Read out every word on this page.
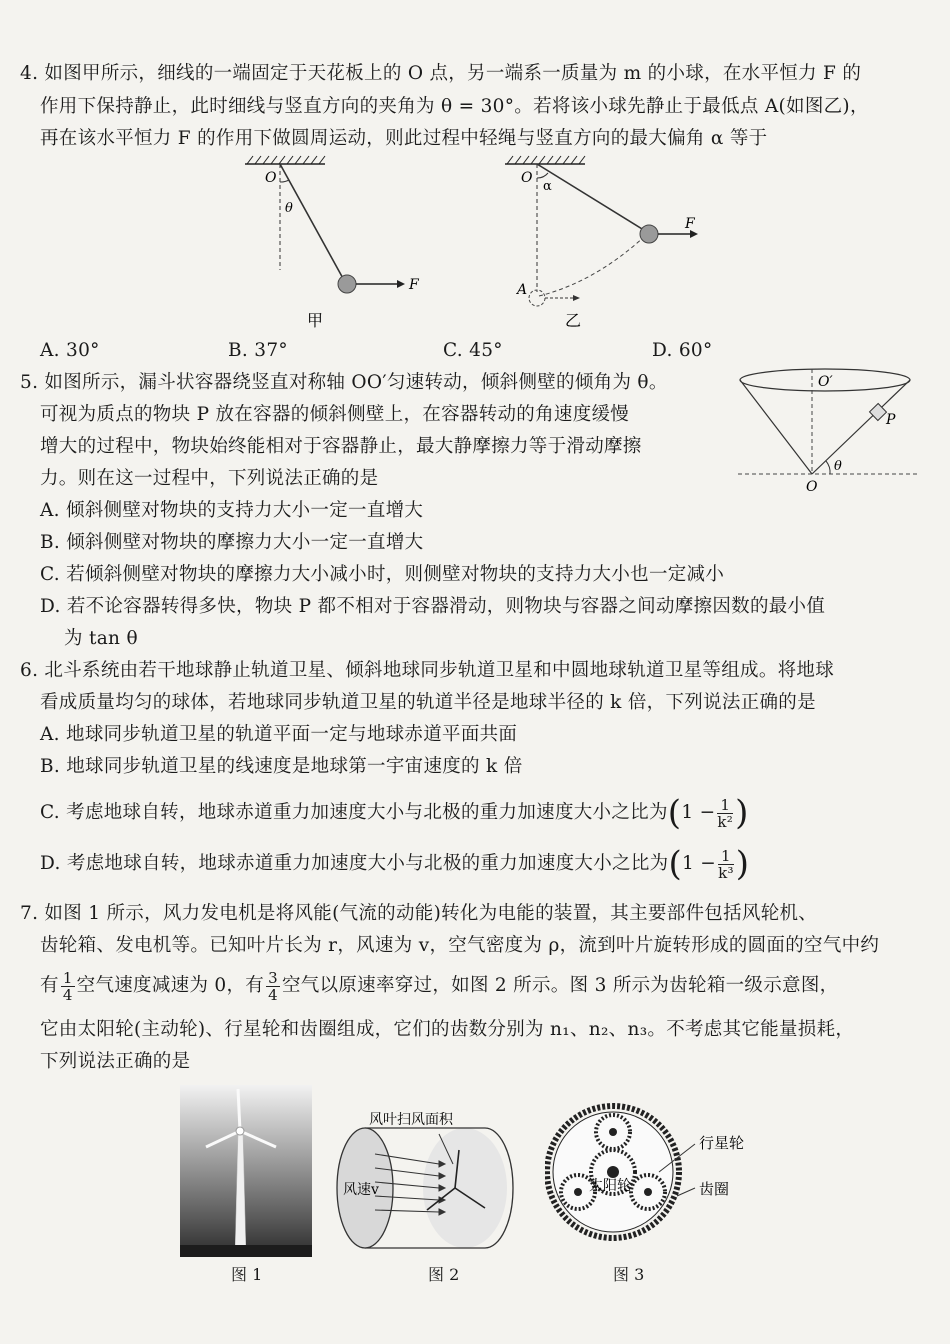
4. 如图甲所示，细线的一端固定于天花板上的 O 点，另一端系一质量为 m 的小球，在水平恒力 F 的
作用下保持静止，此时细线与竖直方向的夹角为 θ = 30°。若将该小球先静止于最低点 A(如图乙)，
再在该水平恒力 F 的作用下做圆周运动，则此过程中轻绳与竖直方向的最大偏角 α 等于
O
θ
F
甲
O
α
F
A
乙
A. 30°	B. 37°	C. 45°	D. 60°
5. 如图所示，漏斗状容器绕竖直对称轴 OO′匀速转动，倾斜侧壁的倾角为 θ。
可视为质点的物块 P 放在容器的倾斜侧壁上，在容器转动的角速度缓慢
增大的过程中，物块始终能相对于容器静止，最大静摩擦力等于滑动摩擦
力。则在这一过程中，下列说法正确的是
O′
P
θ
O
A. 倾斜侧壁对物块的支持力大小一定一直增大
B. 倾斜侧壁对物块的摩擦力大小一定一直增大
C. 若倾斜侧壁对物块的摩擦力大小减小时，则侧壁对物块的支持力大小也一定减小
D. 若不论容器转得多快，物块 P 都不相对于容器滑动，则物块与容器之间动摩擦因数的最小值
为 tan θ
6. 北斗系统由若干地球静止轨道卫星、倾斜地球同步轨道卫星和中圆地球轨道卫星等组成。将地球
看成质量均匀的球体，若地球同步轨道卫星的轨道半径是地球半径的 k 倍，下列说法正确的是
A. 地球同步轨道卫星的轨道平面一定与地球赤道平面共面
B. 地球同步轨道卫星的线速度是地球第一宇宙速度的 k 倍
C. 考虑地球自转，地球赤道重力加速度大小与北极的重力加速度大小之比为 ( $1 - \frac{1}{\text{k²}}$ )
D. 考虑地球自转，地球赤道重力加速度大小与北极的重力加速度大小之比为 ( $1 - \frac{1}{\text{k³}}$ )
7. 如图 1 所示，风力发电机是将风能(气流的动能)转化为电能的装置，其主要部件包括风轮机、
齿轮箱、发电机等。已知叶片长为 r，风速为 v，空气密度为 ρ，流到叶片旋转形成的圆面的空气中约
有 $\frac{1}{4}$ 空气速度减速为 0，有 $\frac{3}{4}$ 空气以原速率穿过，如图 2 所示。图 3 所示为齿轮箱一级示意图，
它由太阳轮(主动轮)、行星轮和齿圈组成，它们的齿数分别为 n₁、n₂、n₃。不考虑其它能量损耗，
下列说法正确的是
图 1
风叶扫风面积
风速v
图 2
行星轮
齿圈
太阳轮
图 3
